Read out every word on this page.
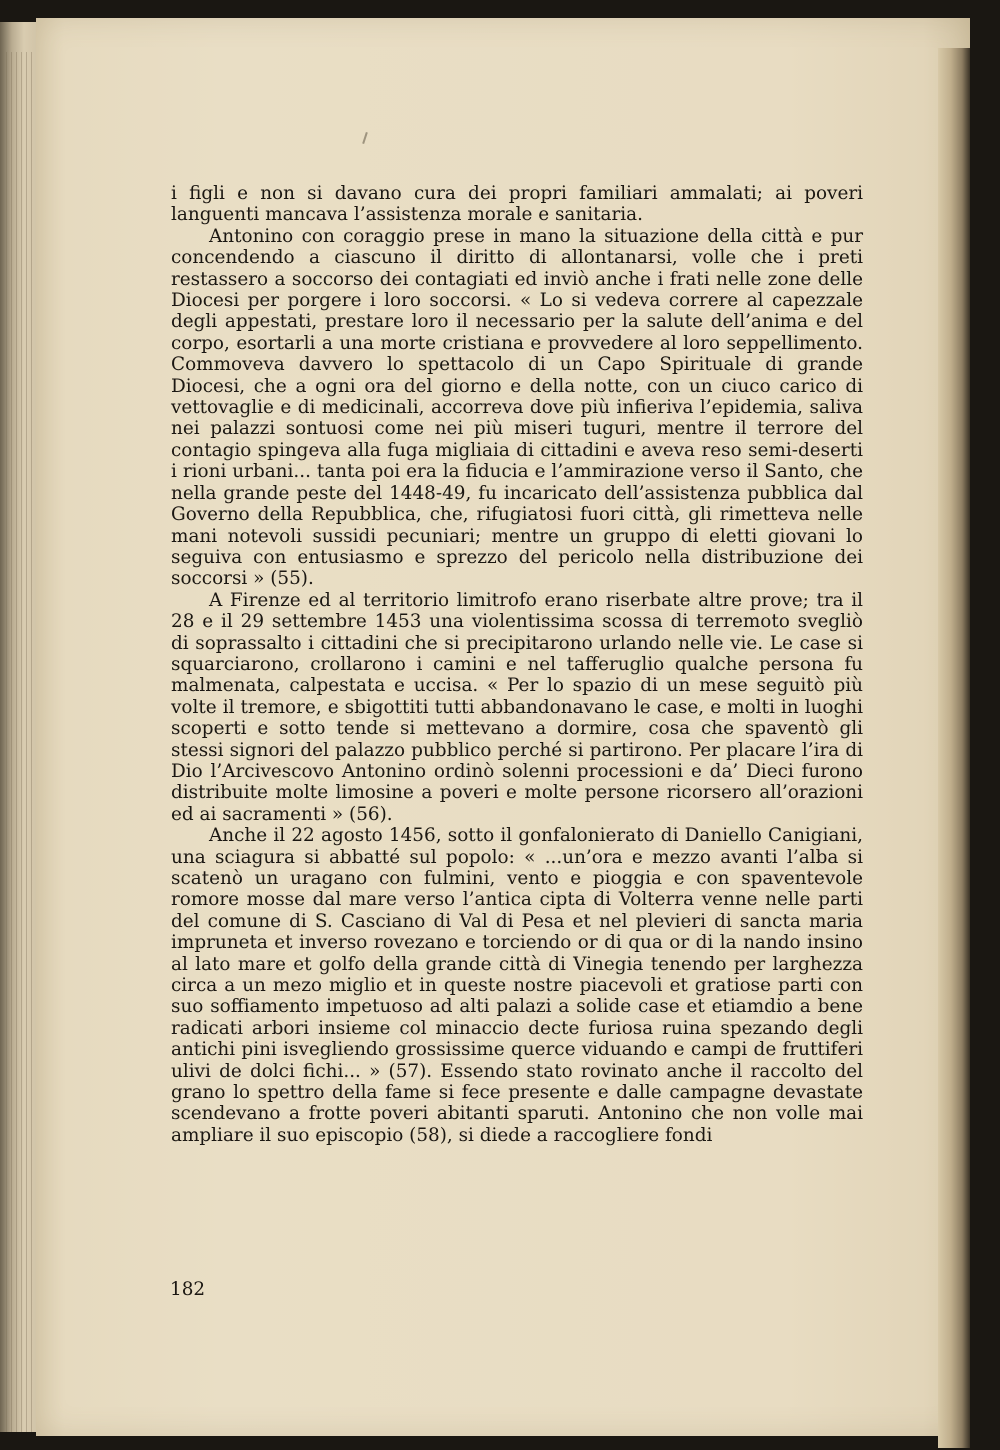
i figli e non si davano cura dei propri familiari ammalati; ai poveri languenti mancava l’assistenza morale e sanitaria.

Antonino con coraggio prese in mano la situazione della città e pur concendendo a ciascuno il diritto di allontanarsi, volle che i preti restassero a soccorso dei contagiati ed inviò anche i frati nelle zone delle Diocesi per porgere i loro soccorsi. « Lo si vedeva correre al capezzale degli appestati, prestare loro il necessario per la salute dell’anima e del corpo, esortarli a una morte cristiana e provvedere al loro seppellimento. Commoveva davvero lo spettacolo di un Capo Spirituale di grande Diocesi, che a ogni ora del giorno e della notte, con un ciuco carico di vettovaglie e di medicinali, accorreva dove più infieriva l’epidemia, saliva nei palazzi sontuosi come nei più miseri tuguri, mentre il terrore del contagio spingeva alla fuga migliaia di cittadini e aveva reso semi-deserti i rioni urbani... tanta poi era la fiducia e l’ammirazione verso il Santo, che nella grande peste del 1448-49, fu incaricato dell’assistenza pubblica dal Governo della Repubblica, che, rifugiatosi fuori città, gli rimetteva nelle mani notevoli sussidi pecuniari; mentre un gruppo di eletti giovani lo seguiva con entusiasmo e sprezzo del pericolo nella distribuzione dei soccorsi » (55).

A Firenze ed al territorio limitrofo erano riserbate altre prove; tra il 28 e il 29 settembre 1453 una violentissima scossa di terremoto svegliò di soprassalto i cittadini che si precipitarono urlando nelle vie. Le case si squarciarono, crollarono i camini e nel tafferuglio qualche persona fu malmenata, calpestata e uccisa. « Per lo spazio di un mese seguitò più volte il tremore, e sbigottiti tutti abbandonavano le case, e molti in luoghi scoperti e sotto tende si mettevano a dormire, cosa che spaventò gli stessi signori del palazzo pubblico perché si partirono. Per placare l’ira di Dio l’Arcivescovo Antonino ordinò solenni processioni e da’ Dieci furono distribuite molte limosine a poveri e molte persone ricorsero all’orazioni ed ai sacramenti » (56).

Anche il 22 agosto 1456, sotto il gonfalonierato di Daniello Canigiani, una sciagura si abbatté sul popolo: « ...un’ora e mezzo avanti l’alba si scatenò un uragano con fulmini, vento e pioggia e con spaventevole romore mosse dal mare verso l’antica cipta di Volterra venne nelle parti del comune di S. Casciano di Val di Pesa et nel plevieri di sancta maria impruneta et inverso rovezano e torciendo or di qua or di la nando insino al lato mare et golfo della grande città di Vinegia tenendo per larghezza circa a un mezo miglio et in queste nostre piacevoli et gratiose parti con suo soffiamento impetuoso ad alti palazi a solide case et etiamdio a bene radicati arbori insieme col minaccio decte furiosa ruina spezando degli antichi pini isvegliendo grossissime querce viduando e campi de fruttiferi ulivi de dolci fichi... » (57). Essendo stato rovinato anche il raccolto del grano lo spettro della fame si fece presente e dalle campagne devastate scendevano a frotte poveri abitanti sparuti. Antonino che non volle mai ampliare il suo episcopio (58), si diede a raccogliere fondi

182
